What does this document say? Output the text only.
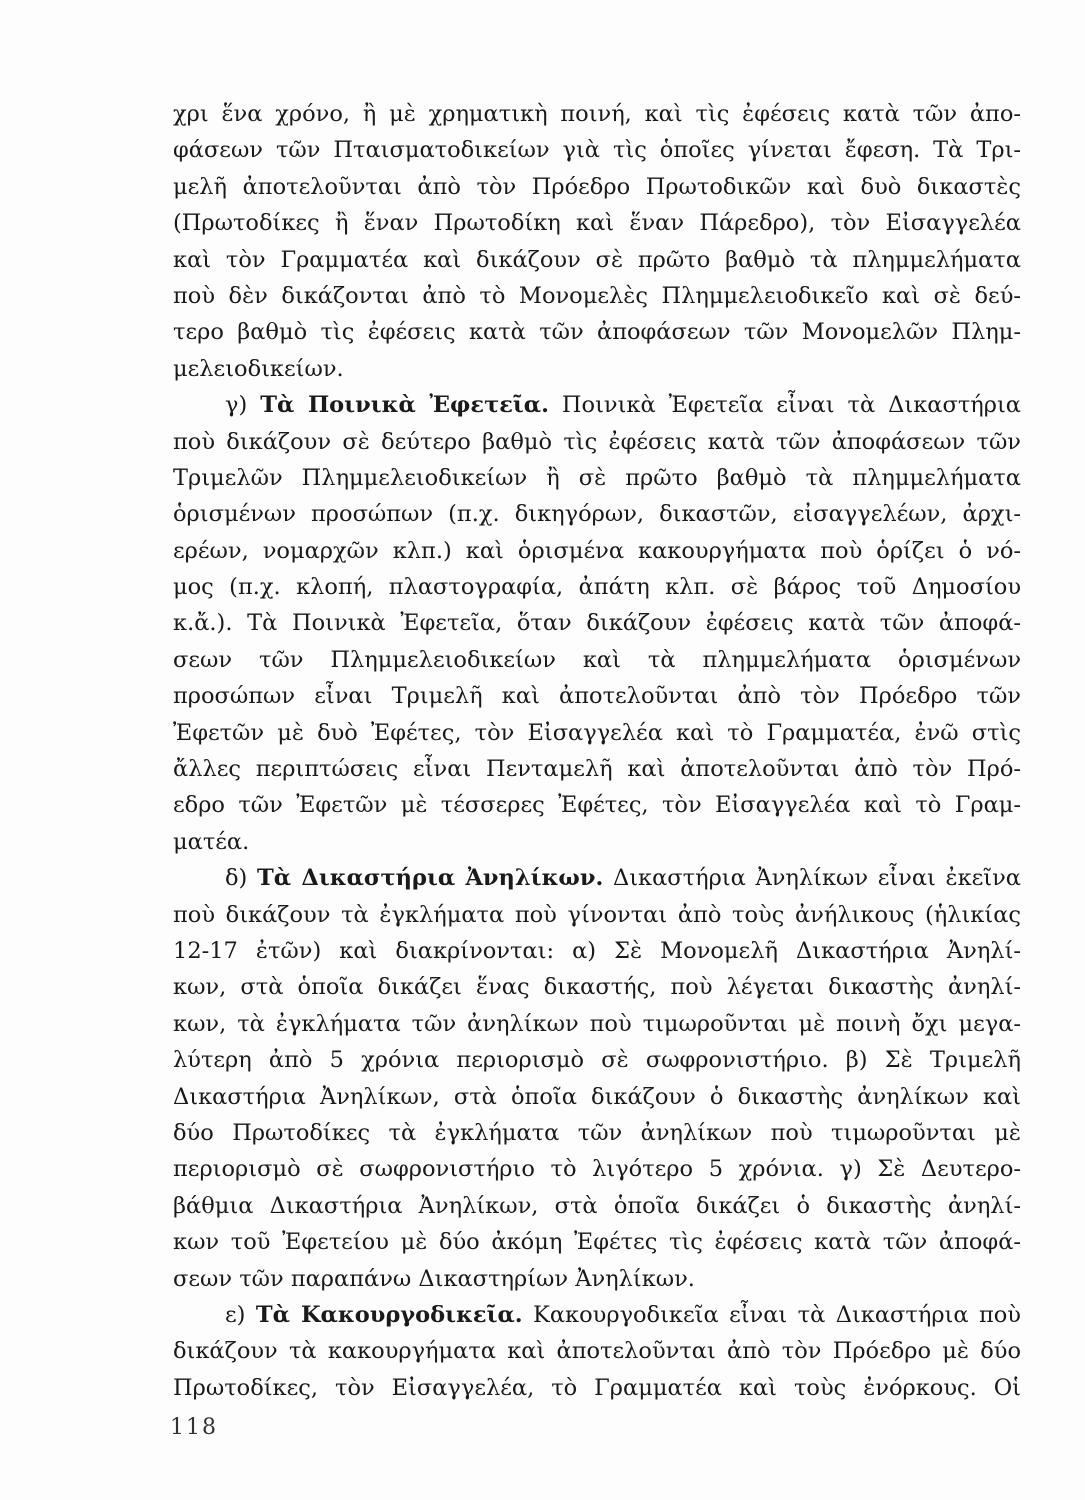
χρι ἕνα χρόνο, ἢ μὲ χρηματικὴ ποινή, καὶ τὶς ἐφέσεις κατὰ τῶν ἀπο-
φάσεων τῶν Πταισματοδικείων γιὰ τὶς ὁποῖες γίνεται ἔφεση. Τὰ Τρι-
μελῆ ἀποτελοῦνται ἀπὸ τὸν Πρόεδρο Πρωτοδικῶν καὶ δυὸ δικαστὲς
(Πρωτοδίκες ἢ ἕναν Πρωτοδίκη καὶ ἕναν Πάρεδρο), τὸν Εἰσαγγελέα
καὶ τὸν Γραμματέα καὶ δικάζουν σὲ πρῶτο βαθμὸ τὰ πλημμελήματα
ποὺ δὲν δικάζονται ἀπὸ τὸ Μονομελὲς Πλημμελειοδικεῖο καὶ σὲ δεύ-
τερο βαθμὸ τὶς ἐφέσεις κατὰ τῶν ἀποφάσεων τῶν Μονομελῶν Πλημ-
μελειοδικείων.
γ) Τὰ Ποινικὰ Ἐφετεῖα. Ποινικὰ Ἐφετεῖα εἶναι τὰ Δικαστήρια
ποὺ δικάζουν σὲ δεύτερο βαθμὸ τὶς ἐφέσεις κατὰ τῶν ἀποφάσεων τῶν
Τριμελῶν Πλημμελειοδικείων ἢ σὲ πρῶτο βαθμὸ τὰ πλημμελήματα
ὁρισμένων προσώπων (π.χ. δικηγόρων, δικαστῶν, εἰσαγγελέων, ἀρχι-
ερέων, νομαρχῶν κλπ.) καὶ ὁρισμένα κακουργήματα ποὺ ὁρίζει ὁ νό-
μος (π.χ. κλοπή, πλαστογραφία, ἀπάτη κλπ. σὲ βάρος τοῦ Δημοσίου
κ.ἄ.). Τὰ Ποινικὰ Ἐφετεῖα, ὅταν δικάζουν ἐφέσεις κατὰ τῶν ἀποφά-
σεων τῶν Πλημμελειοδικείων καὶ τὰ πλημμελήματα ὁρισμένων
προσώπων εἶναι Τριμελῆ καὶ ἀποτελοῦνται ἀπὸ τὸν Πρόεδρο τῶν
Ἐφετῶν μὲ δυὸ Ἐφέτες, τὸν Εἰσαγγελέα καὶ τὸ Γραμματέα, ἐνῶ στὶς
ἄλλες περιπτώσεις εἶναι Πενταμελῆ καὶ ἀποτελοῦνται ἀπὸ τὸν Πρό-
εδρο τῶν Ἐφετῶν μὲ τέσσερες Ἐφέτες, τὸν Εἰσαγγελέα καὶ τὸ Γραμ-
ματέα.
δ) Τὰ Δικαστήρια Ἀνηλίκων. Δικαστήρια Ἀνηλίκων εἶναι ἐκεῖνα
ποὺ δικάζουν τὰ ἐγκλήματα ποὺ γίνονται ἀπὸ τοὺς ἀνήλικους (ἡλικίας
12-17 ἐτῶν) καὶ διακρίνονται: α) Σὲ Μονομελῆ Δικαστήρια Ἀνηλί-
κων, στὰ ὁποῖα δικάζει ἕνας δικαστής, ποὺ λέγεται δικαστὴς ἀνηλί-
κων, τὰ ἐγκλήματα τῶν ἀνηλίκων ποὺ τιμωροῦνται μὲ ποινὴ ὄχι μεγα-
λύτερη ἀπὸ 5 χρόνια περιορισμὸ σὲ σωφρονιστήριο. β) Σὲ Τριμελῆ
Δικαστήρια Ἀνηλίκων, στὰ ὁποῖα δικάζουν ὁ δικαστὴς ἀνηλίκων καὶ
δύο Πρωτοδίκες τὰ ἐγκλήματα τῶν ἀνηλίκων ποὺ τιμωροῦνται μὲ
περιορισμὸ σὲ σωφρονιστήριο τὸ λιγότερο 5 χρόνια. γ) Σὲ Δευτερο-
βάθμια Δικαστήρια Ἀνηλίκων, στὰ ὁποῖα δικάζει ὁ δικαστὴς ἀνηλί-
κων τοῦ Ἐφετείου μὲ δύο ἀκόμη Ἐφέτες τὶς ἐφέσεις κατὰ τῶν ἀποφά-
σεων τῶν παραπάνω Δικαστηρίων Ἀνηλίκων.
ε) Τὰ Κακουργοδικεῖα. Κακουργοδικεῖα εἶναι τὰ Δικαστήρια ποὺ
δικάζουν τὰ κακουργήματα καὶ ἀποτελοῦνται ἀπὸ τὸν Πρόεδρο μὲ δύο
Πρωτοδίκες, τὸν Εἰσαγγελέα, τὸ Γραμματέα καὶ τοὺς ἐνόρκους. Οἱ
118
